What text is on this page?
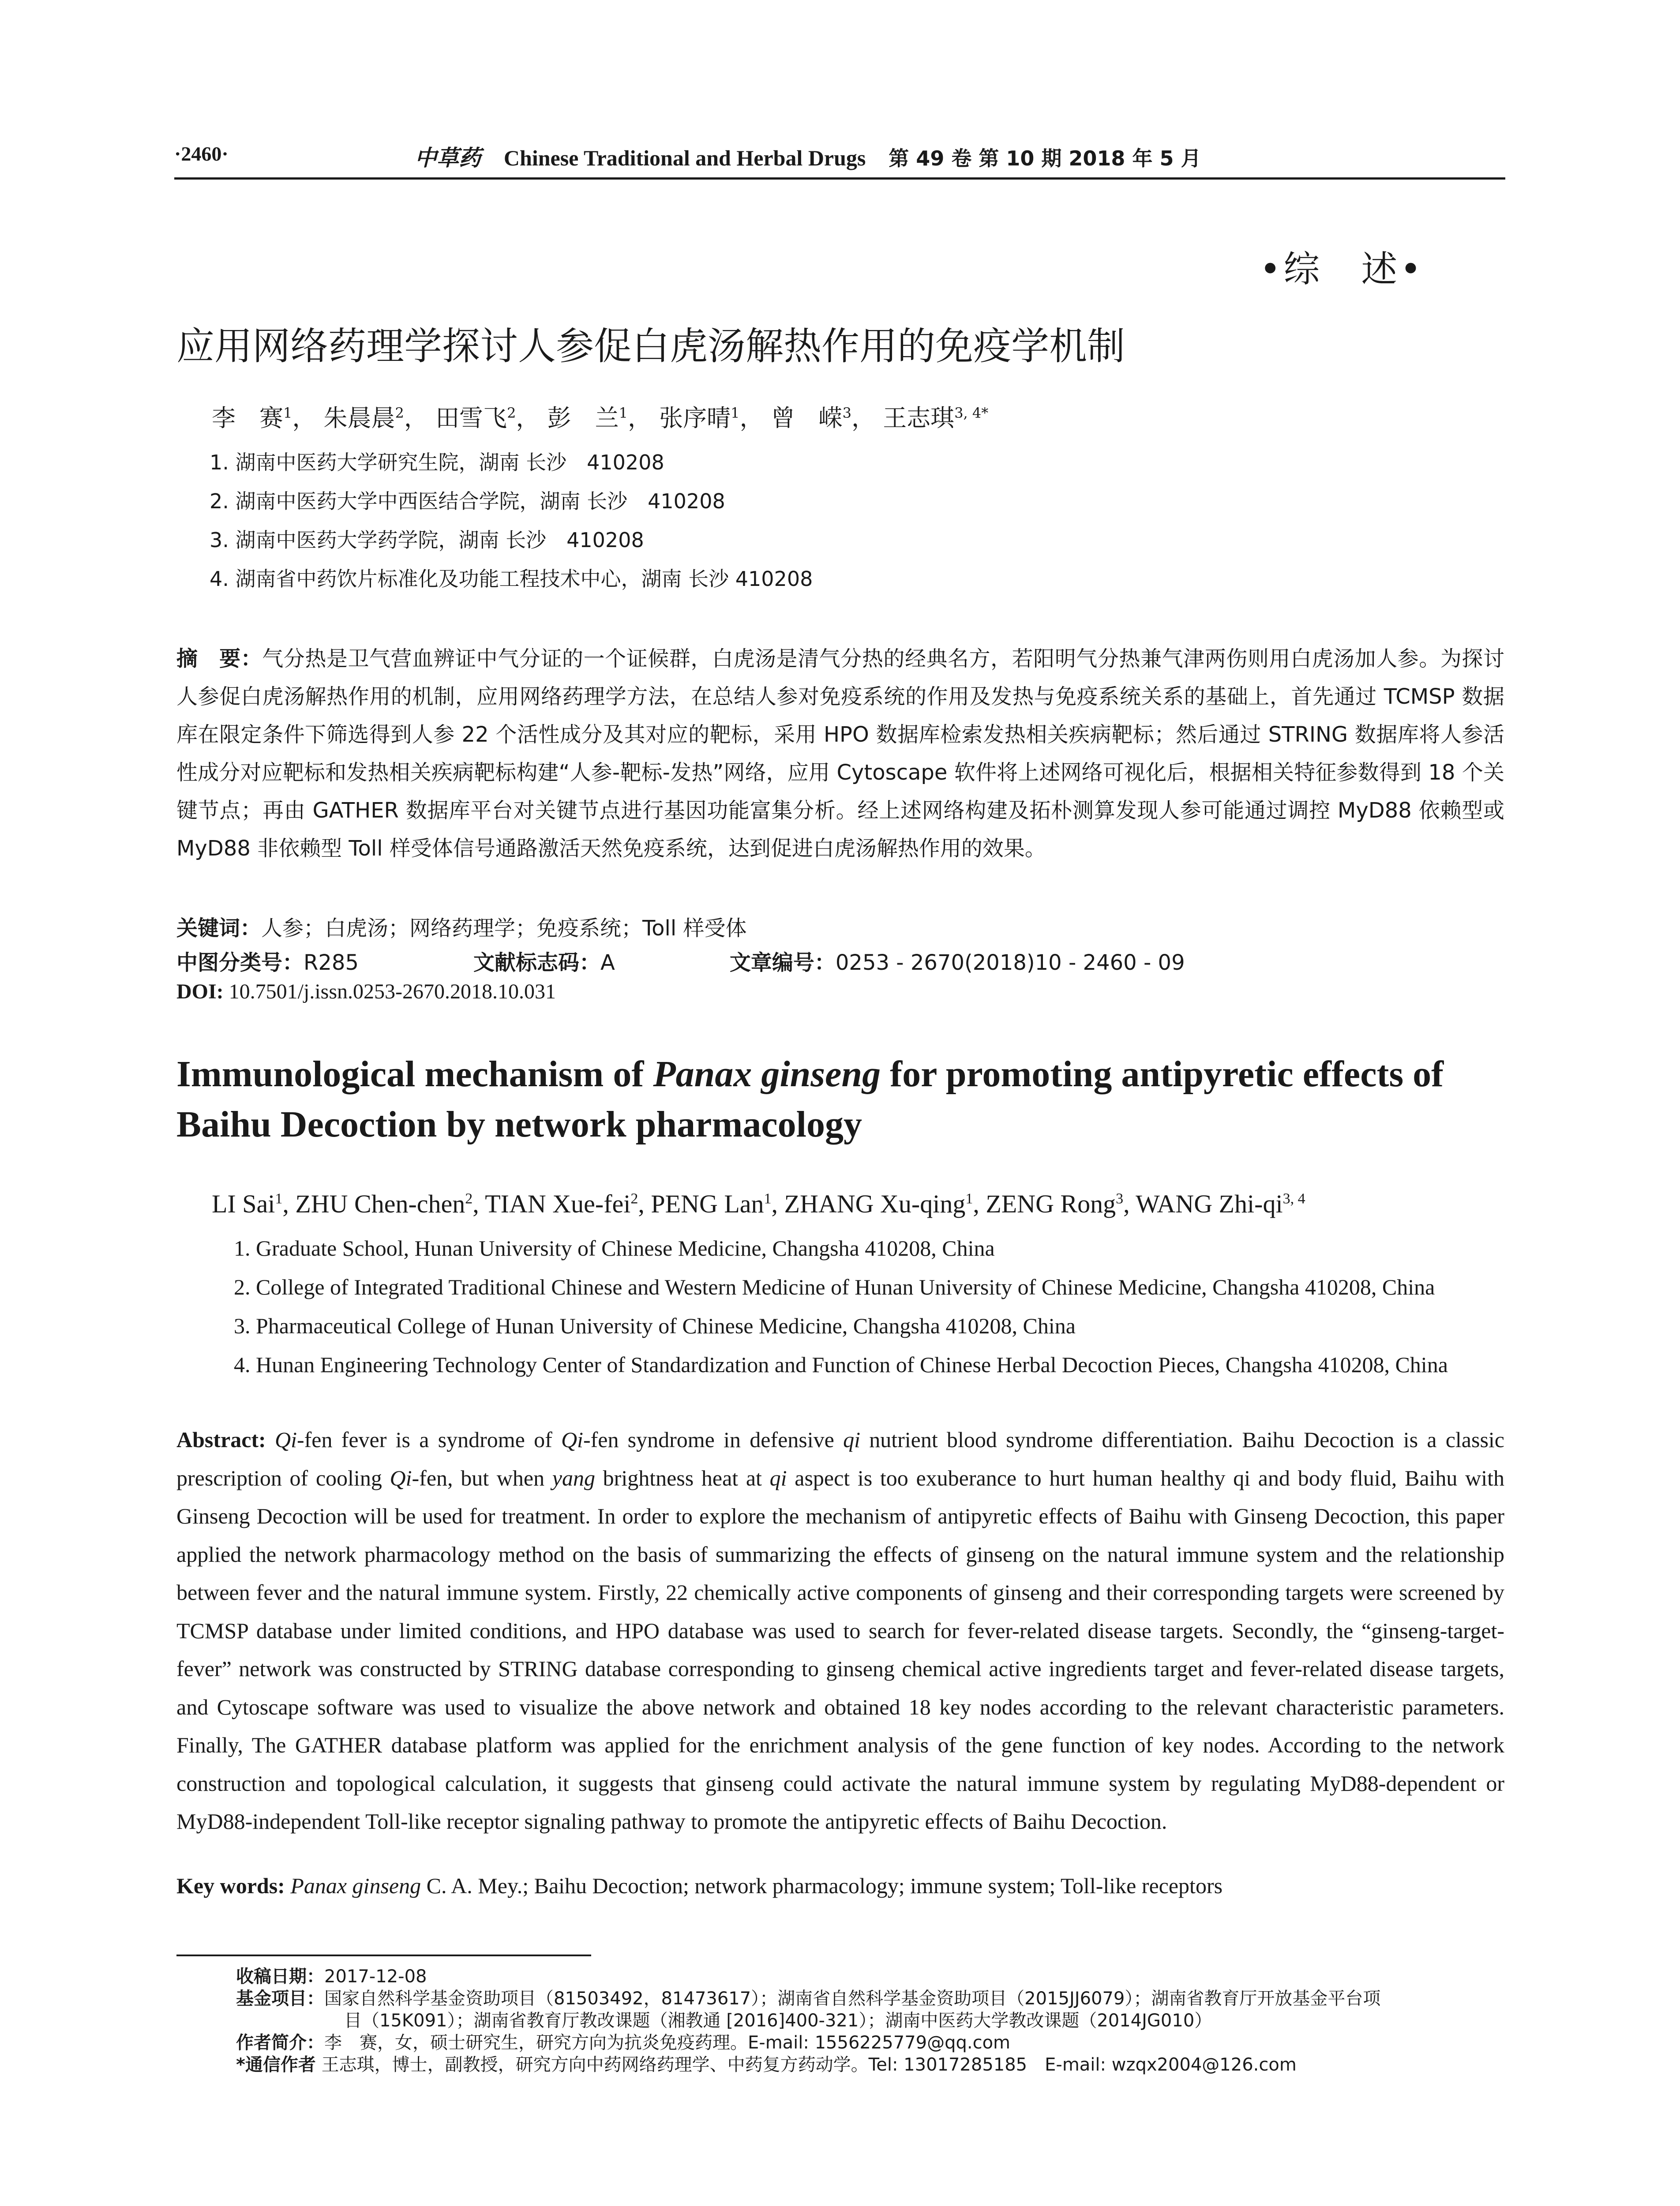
·2460·	中草药 Chinese Traditional and Herbal Drugs 第 49 卷 第 10 期 2018 年 5 月
•综　述•
应用网络药理学探讨人参促白虎汤解热作用的免疫学机制
李　赛$^1$， 朱晨晨$^2$， 田雪飞$^2$， 彭　兰$^1$， 张序晴$^1$， 曾　嵘$^3$， 王志琪$^{3, 4*}$
1. 湖南中医药大学研究生院，湖南 长沙　410208
2. 湖南中医药大学中西医结合学院，湖南 长沙　410208
3. 湖南中医药大学药学院，湖南 长沙　410208
4. 湖南省中药饮片标准化及功能工程技术中心，湖南 长沙 410208
摘　要：气分热是卫气营血辨证中气分证的一个证候群，白虎汤是清气分热的经典名方，若阳明气分热兼气津两伤则用白虎汤加人参。为探讨人参促白虎汤解热作用的机制，应用网络药理学方法，在总结人参对免疫系统的作用及发热与免疫系统关系的基础上，首先通过 TCMSP 数据库在限定条件下筛选得到人参 22 个活性成分及其对应的靶标，采用 HPO 数据库检索发热相关疾病靶标；然后通过 STRING 数据库将人参活性成分对应靶标和发热相关疾病靶标构建“人参-靶标-发热”网络，应用 Cytoscape 软件将上述网络可视化后，根据相关特征参数得到 18 个关键节点；再由 GATHER 数据库平台对关键节点进行基因功能富集分析。经上述网络构建及拓朴测算发现人参可能通过调控 MyD88 依赖型或 MyD88 非依赖型 Toll 样受体信号通路激活天然免疫系统，达到促进白虎汤解热作用的效果。
关键词：人参；白虎汤；网络药理学；免疫系统；Toll 样受体
中图分类号：R285	文献标志码：A	文章编号：0253 - 2670(2018)10 - 2460 - 09
DOI: 10.7501/j.issn.0253-2670.2018.10.031
Immunological mechanism of Panax ginseng for promoting antipyretic effects of Baihu Decoction by network pharmacology
LI Sai$^1$, ZHU Chen-chen$^2$, TIAN Xue-fei$^2$, PENG Lan$^1$, ZHANG Xu-qing$^1$, ZENG Rong$^3$, WANG Zhi-qi$^{3, 4}$
1. Graduate School, Hunan University of Chinese Medicine, Changsha 410208, China
2. College of Integrated Traditional Chinese and Western Medicine of Hunan University of Chinese Medicine, Changsha 410208, China
3. Pharmaceutical College of Hunan University of Chinese Medicine, Changsha 410208, China
4. Hunan Engineering Technology Center of Standardization and Function of Chinese Herbal Decoction Pieces, Changsha 410208, China
Abstract: Qi-fen fever is a syndrome of Qi-fen syndrome in defensive qi nutrient blood syndrome differentiation. Baihu Decoction is a classic prescription of cooling Qi-fen, but when yang brightness heat at qi aspect is too exuberance to hurt human healthy qi and body fluid, Baihu with Ginseng Decoction will be used for treatment. In order to explore the mechanism of antipyretic effects of Baihu with Ginseng Decoction, this paper applied the network pharmacology method on the basis of summarizing the effects of ginseng on the natural immune system and the relationship between fever and the natural immune system. Firstly, 22 chemically active components of ginseng and their corresponding targets were screened by TCMSP database under limited conditions, and HPO database was used to search for fever-related disease targets. Secondly, the “ginseng-target-fever” network was constructed by STRING database corresponding to ginseng chemical active ingredients target and fever-related disease targets, and Cytoscape software was used to visualize the above network and obtained 18 key nodes according to the relevant characteristic parameters. Finally, The GATHER database platform was applied for the enrichment analysis of the gene function of key nodes. According to the network construction and topological calculation, it suggests that ginseng could activate the natural immune system by regulating MyD88-dependent or MyD88-independent Toll-like receptor signaling pathway to promote the antipyretic effects of Baihu Decoction.
Key words: Panax ginseng C. A. Mey.; Baihu Decoction; network pharmacology; immune system; Toll-like receptors
收稿日期：2017-12-08
基金项目：国家自然科学基金资助项目（81503492，81473617）；湖南省自然科学基金资助项目（2015JJ6079）；湖南省教育厅开放基金平台项
目（15K091）；湖南省教育厅教改课题（湘教通 [2016]400-321）；湖南中医药大学教改课题（2014JG010）
作者简介：李　赛，女，硕士研究生，研究方向为抗炎免疫药理。E-mail: 1556225779@qq.com
*通信作者 王志琪，博士，副教授，研究方向中药网络药理学、中药复方药动学。Tel: 13017285185　E-mail: wzqx2004@126.com
